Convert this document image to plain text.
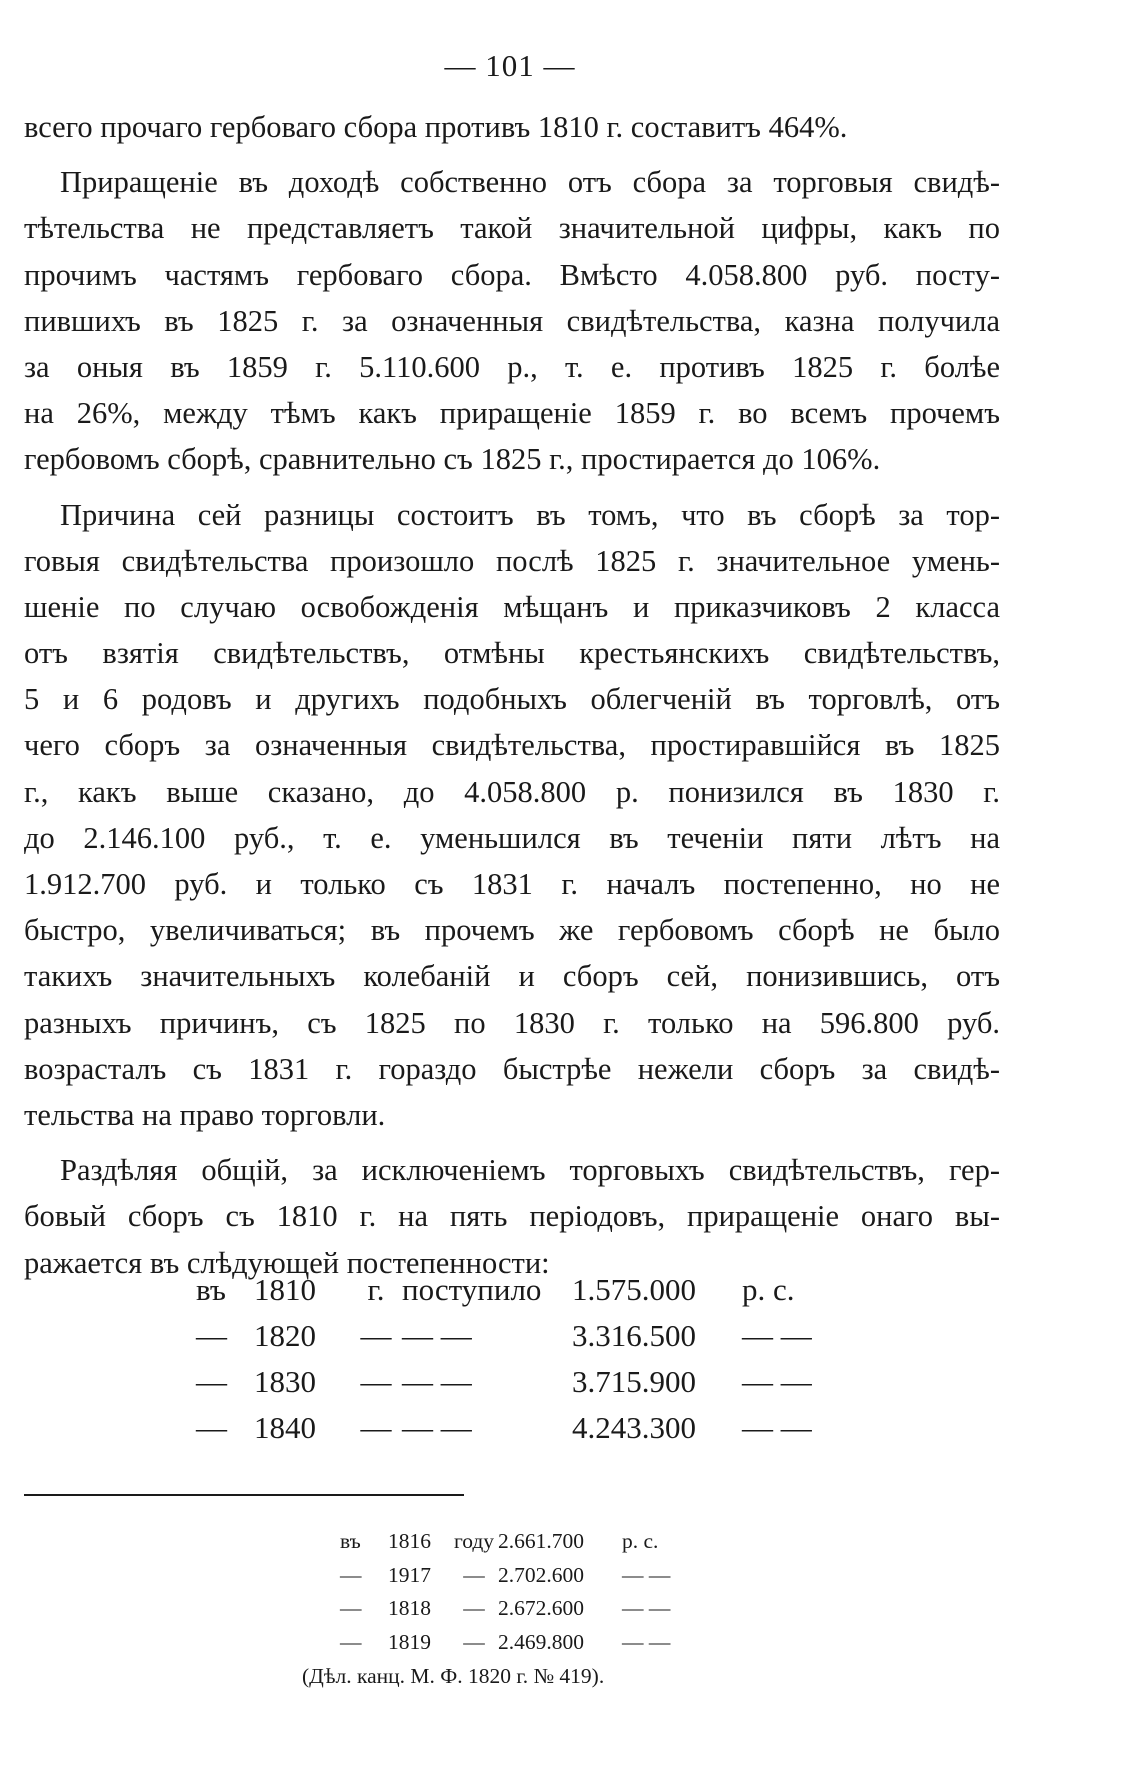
— 101 —
всего прочаго гербоваго сбора противъ 1810 г. составитъ 464%.
Приращенiе въ доходѣ собственно отъ сбора за торговыя свидѣ-
тѣтельства не представляетъ такой значительной цифры, какъ по
прочимъ частямъ гербоваго сбора. Вмѣсто 4.058.800 руб. посту-
пившихъ въ 1825 г. за означенныя свидѣтельства, казна получила
за оныя въ 1859 г. 5.110.600 р., т. е. противъ 1825 г. болѣе
на 26%, между тѣмъ какъ приращенiе 1859 г. во всемъ прочемъ
гербовомъ сборѣ, сравнительно съ 1825 г., простирается до 106%.
Причина сей разницы состоитъ въ томъ, что въ сборѣ за тор-
говыя свидѣтельства произошло послѣ 1825 г. значительное умень-
шенiе по случаю освобожденiя мѣщанъ и приказчиковъ 2 класса
отъ взятiя свидѣтельствъ, отмѣны крестьянскихъ свидѣтельствъ,
5 и 6 родовъ и другихъ подобныхъ облегченiй въ торговлѣ, отъ
чего сборъ за означенныя свидѣтельства, простиравшiйся въ 1825
г., какъ выше сказано, до 4.058.800 р. понизился въ 1830 г.
до 2.146.100 руб., т. е. уменьшился въ теченiи пяти лѣтъ на
1.912.700 руб. и только съ 1831 г. началъ постепенно, но не
быстро, увеличиваться; въ прочемъ же гербовомъ сборѣ не было
такихъ значительныхъ колебанiй и сборъ сей, понизившись, отъ
разныхъ причинъ, съ 1825 по 1830 г. только на 596.800 руб.
возрасталъ съ 1831 г. гораздо быстрѣе нежели сборъ за свидѣ-
тельства на право торговли.
Раздѣляя общiй, за исключенiемъ торговыхъ свидѣтельствъ, гер-
бовый сборъ съ 1810 г. на пять перiодовъ, приращенiе онаго вы-
ражается въ слѣдующей постепенности:
въ 1810	г. поступило 1.575.000	р. с.
— 1820	— — —	3.316.500	— —
— 1830	— — —	3.715.900	— —
— 1840	— — —	4.243.300	— —
въ	1816	году 2.661.700	р. с.
—	1917	— 2.702.600	— —
—	1818	— 2.672.600	— —
—	1819	— 2.469.800	— —
(Дѣл. канц. М. Ф. 1820 г. № 419).
